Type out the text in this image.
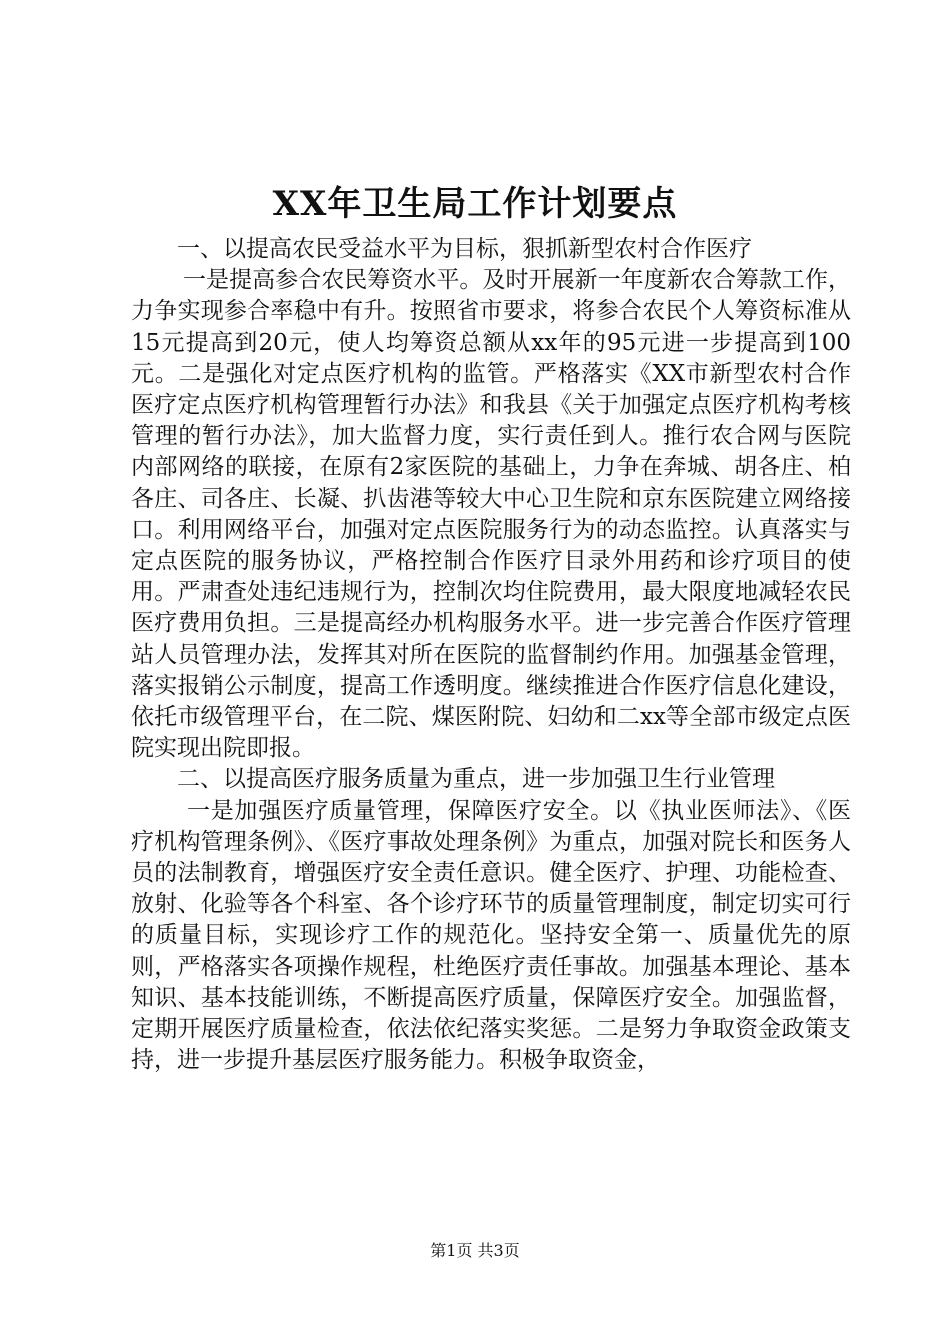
XX年卫生局工作计划要点

一、以提高农民受益水平为目标，狠抓新型农村合作医疗

一是提高参合农民筹资水平。及时开展新一年度新农合筹款工作，力争实现参合率稳中有升。按照省市要求，将参合农民个人筹资标准从15元提高到20元，使人均筹资总额从xx年的95元进一步提高到100元。二是强化对定点医疗机构的监管。严格落实《XX市新型农村合作医疗定点医疗机构管理暂行办法》和我县《关于加强定点医疗机构考核管理的暂行办法》，加大监督力度，实行责任到人。推行农合网与医院内部网络的联接，在原有2家医院的基础上，力争在奔城、胡各庄、柏各庄、司各庄、长凝、扒齿港等较大中心卫生院和京东医院建立网络接口。利用网络平台，加强对定点医院服务行为的动态监控。认真落实与定点医院的服务协议，严格控制合作医疗目录外用药和诊疗项目的使用。严肃查处违纪违规行为，控制次均住院费用，最大限度地减轻农民医疗费用负担。三是提高经办机构服务水平。进一步完善合作医疗管理站人员管理办法，发挥其对所在医院的监督制约作用。加强基金管理，落实报销公示制度，提高工作透明度。继续推进合作医疗信息化建设，依托市级管理平台，在二院、煤医附院、妇幼和二xx等全部市级定点医院实现出院即报。

二、以提高医疗服务质量为重点，进一步加强卫生行业管理

一是加强医疗质量管理，保障医疗安全。以《执业医师法》、《医疗机构管理条例》、《医疗事故处理条例》为重点，加强对院长和医务人员的法制教育，增强医疗安全责任意识。健全医疗、护理、功能检查、放射、化验等各个科室、各个诊疗环节的质量管理制度，制定切实可行的质量目标，实现诊疗工作的规范化。坚持安全第一、质量优先的原则，严格落实各项操作规程，杜绝医疗责任事故。加强基本理论、基本知识、基本技能训练，不断提高医疗质量，保障医疗安全。加强监督，定期开展医疗质量检查，依法依纪落实奖惩。二是努力争取资金政策支持，进一步提升基层医疗服务能力。积极争取资金，

第1页 共3页
